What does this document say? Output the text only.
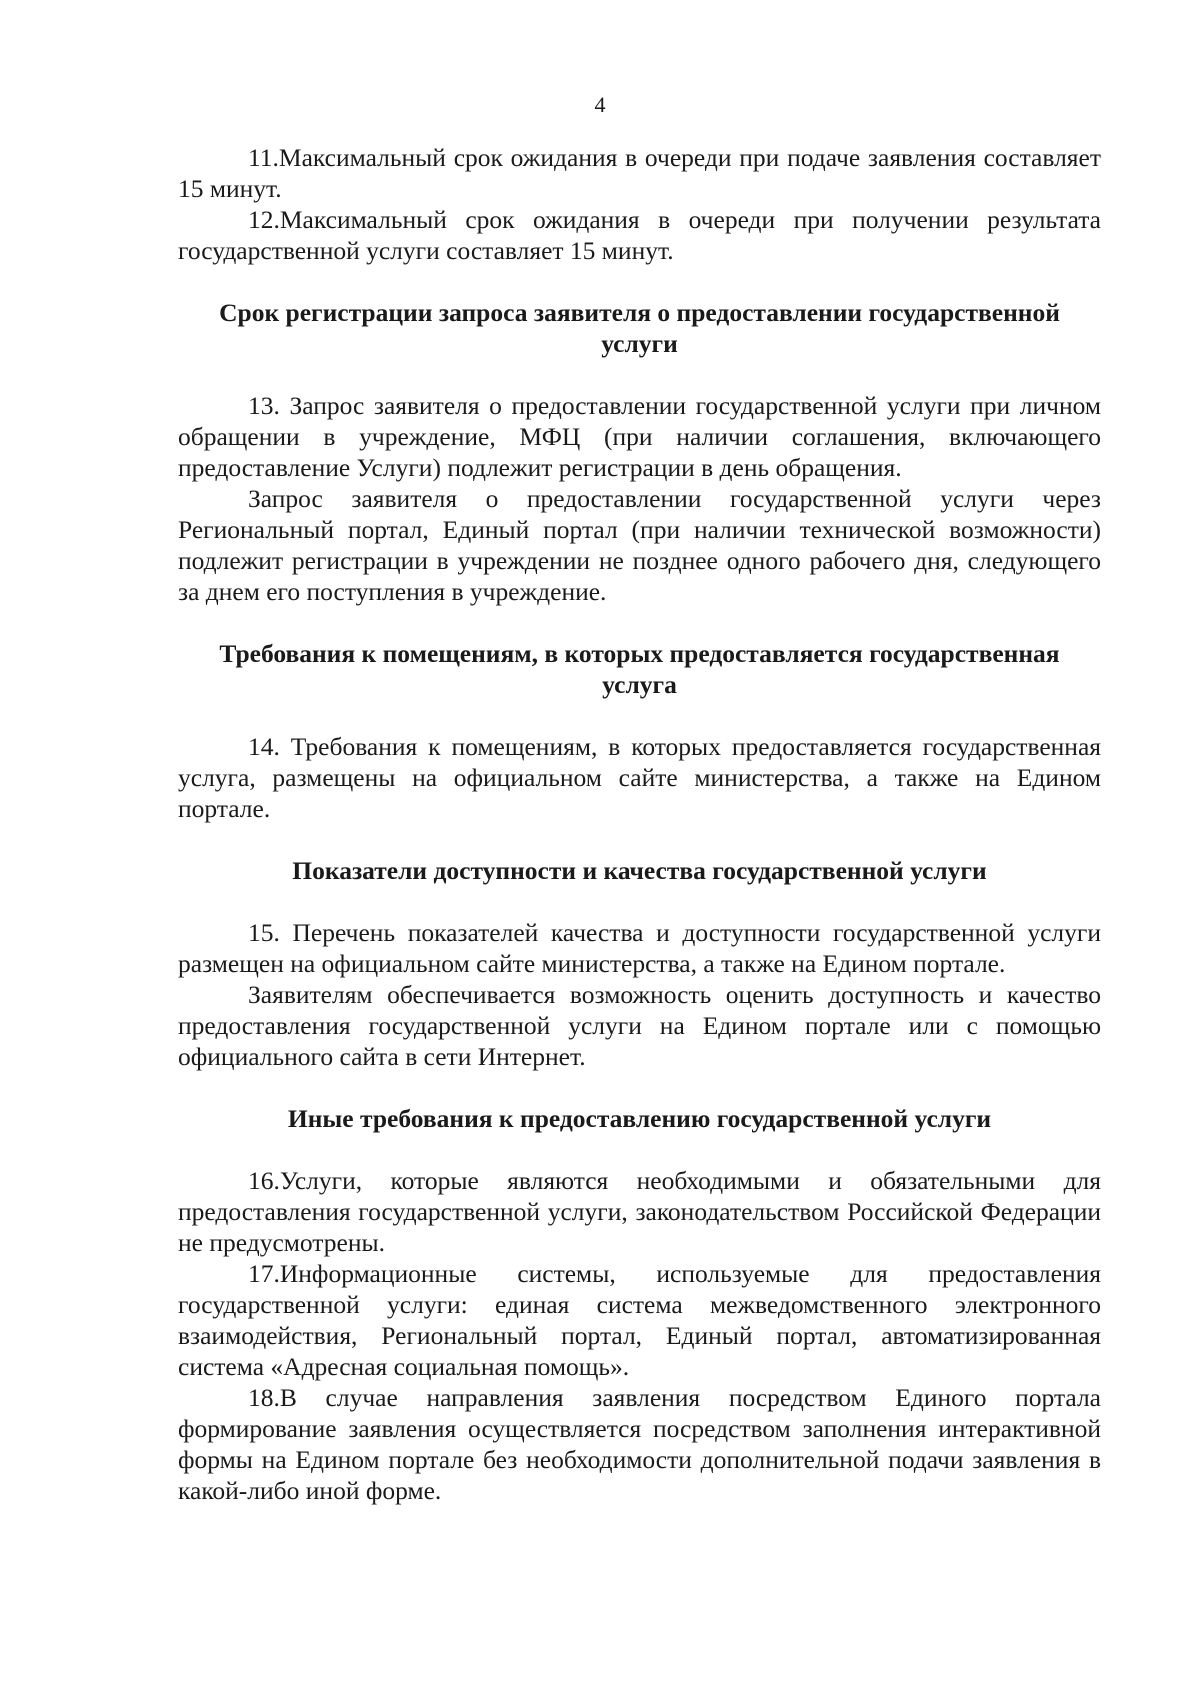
4

11.Максимальный срок ожидания в очереди при подаче заявления составляет 15 минут.

12.Максимальный срок ожидания в очереди при получении результата государственной услуги составляет 15 минут.

Срок регистрации запроса заявителя о предоставлении государственной услуги

13. Запрос заявителя о предоставлении государственной услуги при личном обращении в учреждение, МФЦ (при наличии соглашения, включающего предоставление Услуги) подлежит регистрации в день обращения.

Запрос заявителя о предоставлении государственной услуги через Региональный портал, Единый портал (при наличии технической возможности) подлежит регистрации в учреждении не позднее одного рабочего дня, следующего за днем его поступления в учреждение.

Требования к помещениям, в которых предоставляется государственная услуга

14. Требования к помещениям, в которых предоставляется государственная услуга, размещены на официальном сайте министерства, а также на Едином портале.

Показатели доступности и качества государственной услуги

15. Перечень показателей качества и доступности государственной услуги размещен на официальном сайте министерства, а также на Едином портале.

Заявителям обеспечивается возможность оценить доступность и качество предоставления государственной услуги на Едином портале или с помощью официального сайта в сети Интернет.

Иные требования к предоставлению государственной услуги

16.Услуги, которые являются необходимыми и обязательными для предоставления государственной услуги, законодательством Российской Федерации не предусмотрены.

17.Информационные системы, используемые для предоставления государственной услуги: единая система межведомственного электронного взаимодействия, Региональный портал, Единый портал, автоматизированная система «Адресная социальная помощь».

18.В случае направления заявления посредством Единого портала формирование заявления осуществляется посредством заполнения интерактивной формы на Едином портале без необходимости дополнительной подачи заявления в какой-либо иной форме.
